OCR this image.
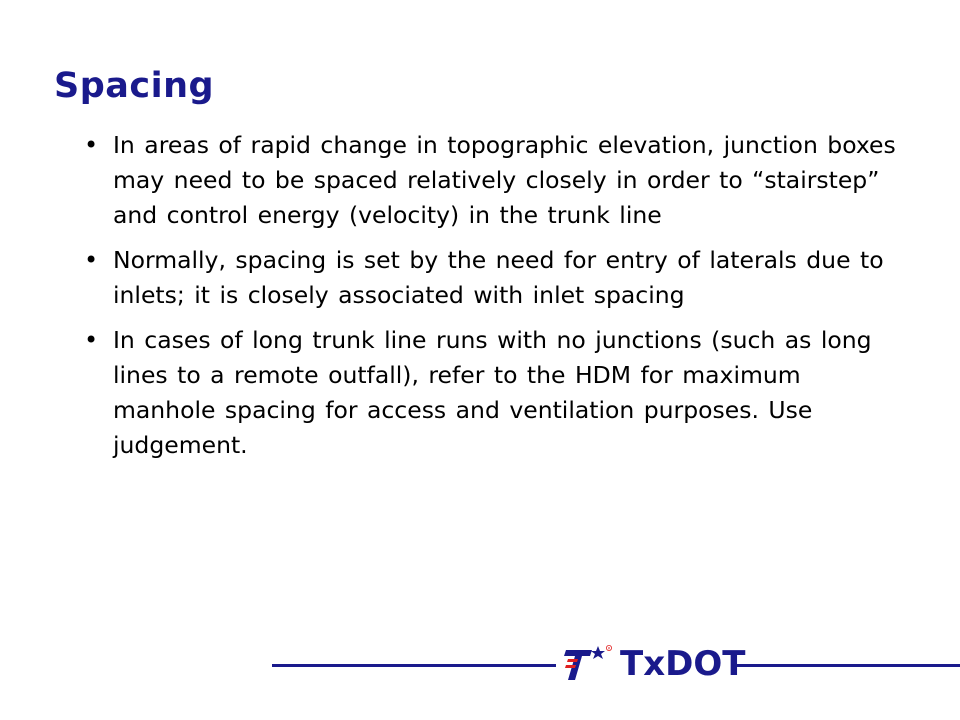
Spacing
• In areas of rapid change in topographic elevation, junction boxes may need to be spaced relatively closely in order to “stairstep” and control energy (velocity) in the trunk line
• Normally, spacing is set by the need for entry of laterals due to inlets; it is closely associated with inlet spacing
• In cases of long trunk line runs with no junctions (such as long lines to a remote outfall), refer to the HDM for maximum manhole spacing for access and ventilation purposes. Use judgement.
R TxDOT
